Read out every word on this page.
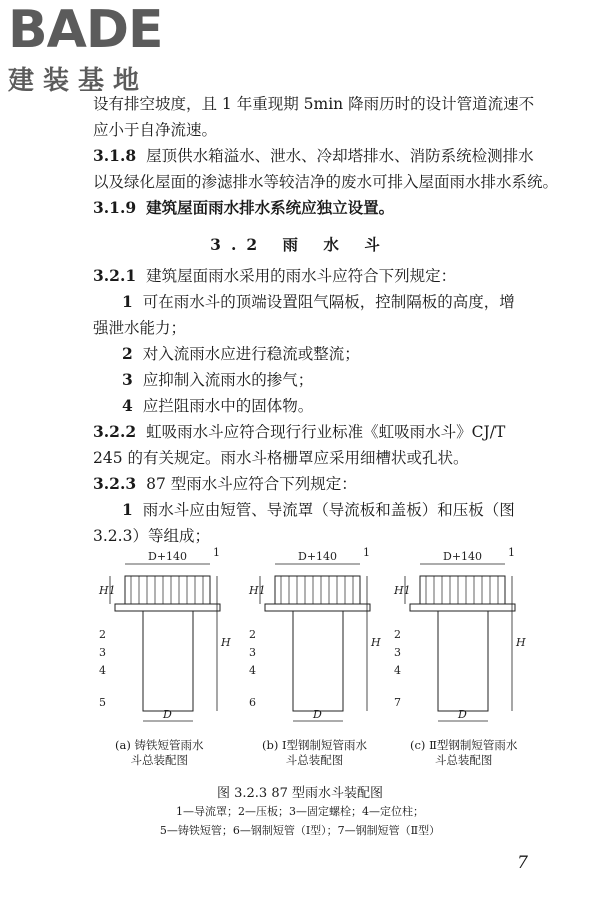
BADE
建装基地
设有排空坡度，且 1 年重现期 5min 降雨历时的设计管道流速不
应小于自净流速。
3.1.8 屋顶供水箱溢水、泄水、冷却塔排水、消防系统检测排水
以及绿化屋面的渗滤排水等较洁净的废水可排入屋面雨水排水系统。
3.1.9 建筑屋面雨水排水系统应独立设置。
3.2 雨 水 斗
3.2.1 建筑屋面雨水采用的雨水斗应符合下列规定：
1 可在雨水斗的顶端设置阻气隔板，控制隔板的高度，增
强泄水能力；
2 对入流雨水应进行稳流或整流；
3 应抑制入流雨水的掺气；
4 应拦阻雨水中的固体物。
3.2.2 虹吸雨水斗应符合现行行业标准《虹吸雨水斗》CJ/T
245 的有关规定。雨水斗格栅罩应采用细槽状或孔状。
3.2.3 87 型雨水斗应符合下列规定：
1 雨水斗应由短管、导流罩（导流板和盖板）和压板（图
3.2.3）等组成；
D+140 1
H1
H
D
2
3
4
5
D+140 1
H1
H
D
2
3
4
6
D+140 1
H1
H
D
2
3
4
7
(a) 铸铁短管雨水
斗总装配图
(b) Ⅰ型钢制短管雨水
斗总装配图
(c) Ⅱ型钢制短管雨水
斗总装配图
图 3.2.3 87 型雨水斗装配图
1—导流罩；2—压板；3—固定螺栓；4—定位柱；
5—铸铁短管；6—钢制短管（Ⅰ型）；7—钢制短管（Ⅱ型）
7
